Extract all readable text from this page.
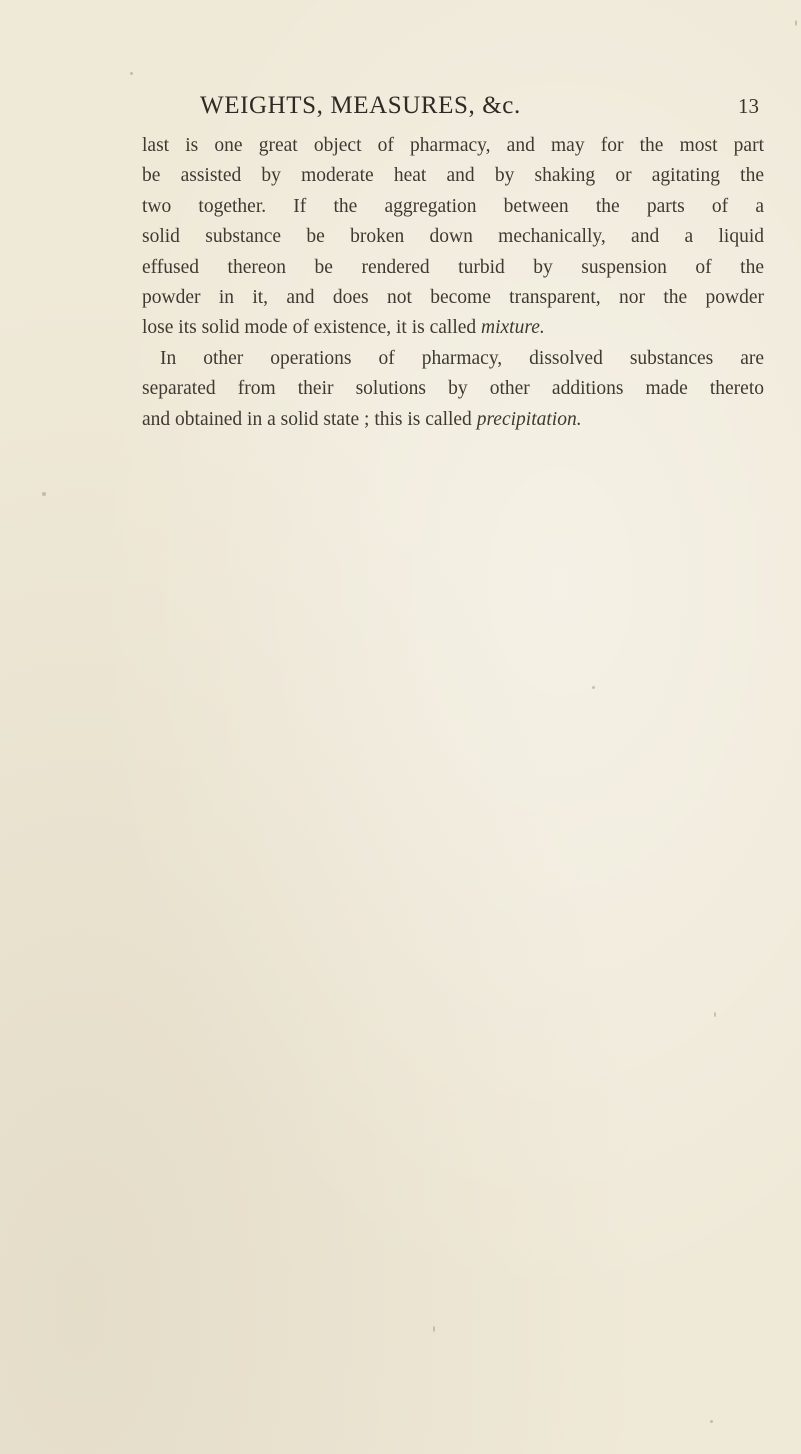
WEIGHTS, MEASURES, &c.	13
last is one great object of pharmacy, and may for the most part
be assisted by moderate heat and by shaking or agitating the
two together. If the aggregation between the parts of a
solid substance be broken down mechanically, and a liquid
effused thereon be rendered turbid by suspension of the
powder in it, and does not become transparent, nor the powder
lose its solid mode of existence, it is called mixture.
In other operations of pharmacy, dissolved substances are
separated from their solutions by other additions made thereto
and obtained in a solid state ; this is called precipitation.
